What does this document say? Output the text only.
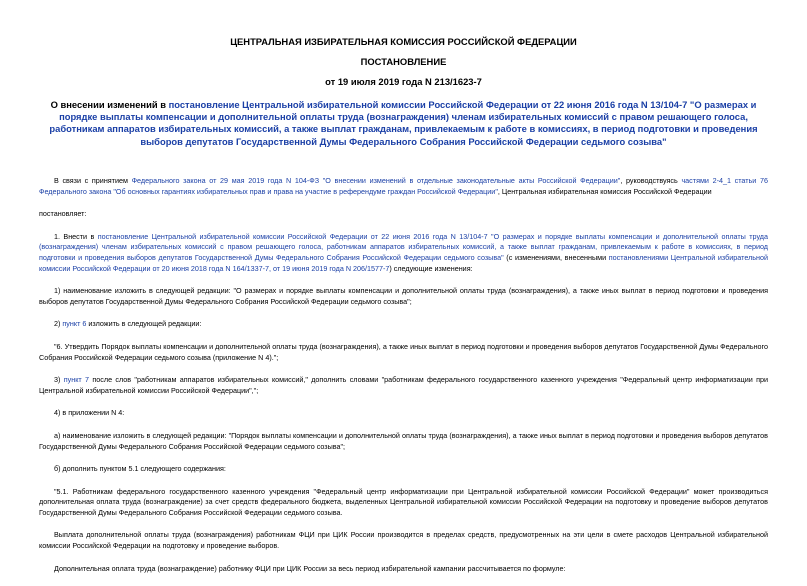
ЦЕНТРАЛЬНАЯ ИЗБИРАТЕЛЬНАЯ КОМИССИЯ РОССИЙСКОЙ ФЕДЕРАЦИИ
ПОСТАНОВЛЕНИЕ
от 19 июля 2019 года N 213/1623-7
О внесении изменений в постановление Центральной избирательной комиссии Российской Федерации от 22 июня 2016 года N 13/104-7 "О размерах и порядке выплаты компенсации и дополнительной оплаты труда (вознаграждения) членам избирательных комиссий с правом решающего голоса, работникам аппаратов избирательных комиссий, а также выплат гражданам, привлекаемым к работе в комиссиях, в период подготовки и проведения выборов депутатов Государственной Думы Федерального Собрания Российской Федерации седьмого созыва"

В связи с принятием Федерального закона от 29 мая 2019 года N 104-ФЗ "О внесении изменений в отдельные законодательные акты Российской Федерации", руководствуясь частями 2-4_1 статьи 76 Федерального закона "Об основных гарантиях избирательных прав и права на участие в референдуме граждан Российской Федерации", Центральная избирательная комиссия Российской Федерации

постановляет:

1. Внести в постановление Центральной избирательной комиссии Российской Федерации от 22 июня 2016 года N 13/104-7 "О размерах и порядке выплаты компенсации и дополнительной оплаты труда (вознаграждения) членам избирательных комиссий с правом решающего голоса, работникам аппаратов избирательных комиссий, а также выплат гражданам, привлекаемым к работе в комиссиях, в период подготовки и проведения выборов депутатов Государственной Думы Федерального Собрания Российской Федерации седьмого созыва" (с изменениями, внесенными постановлениями Центральной избирательной комиссии Российской Федерации от 20 июня 2018 года N 164/1337-7, от 19 июня 2019 года N 206/1577-7) следующие изменения:

1) наименование изложить в следующей редакции: "О размерах и порядке выплаты компенсации и дополнительной оплаты труда (вознаграждения), а также иных выплат в период подготовки и проведения выборов депутатов Государственной Думы Федерального Собрания Российской Федерации седьмого созыва";

2) пункт 6 изложить в следующей редакции:

"6. Утвердить Порядок выплаты компенсации и дополнительной оплаты труда (вознаграждения), а также иных выплат в период подготовки и проведения выборов депутатов Государственной Думы Федерального Собрания Российской Федерации седьмого созыва (приложение N 4).";

3) пункт 7 после слов "работникам аппаратов избирательных комиссий," дополнить словами "работникам федерального государственного казенного учреждения "Федеральный центр информатизации при Центральной избирательной комиссии Российской Федерации",";

4) в приложении N 4:

а) наименование изложить в следующей редакции: "Порядок выплаты компенсации и дополнительной оплаты труда (вознаграждения), а также иных выплат в период подготовки и проведения выборов депутатов Государственной Думы Федерального Собрания Российской Федерации седьмого созыва";

б) дополнить пунктом 5.1 следующего содержания:

"5.1. Работникам федерального государственного казенного учреждения "Федеральный центр информатизации при Центральной избирательной комиссии Российской Федерации" может производиться дополнительная оплата труда (вознаграждение) за счет средств федерального бюджета, выделенных Центральной избирательной комиссии Российской Федерации на подготовку и проведение выборов депутатов Государственной Думы Федерального Собрания Российской Федерации седьмого созыва.

Выплата дополнительной оплаты труда (вознаграждения) работникам ФЦИ при ЦИК России производится в пределах средств, предусмотренных на эти цели в смете расходов Центральной избирательной комиссии Российской Федерации на подготовку и проведение выборов.

Дополнительная оплата труда (вознаграждение) работнику ФЦИ при ЦИК России за весь период избирательной кампании рассчитывается по формуле:
